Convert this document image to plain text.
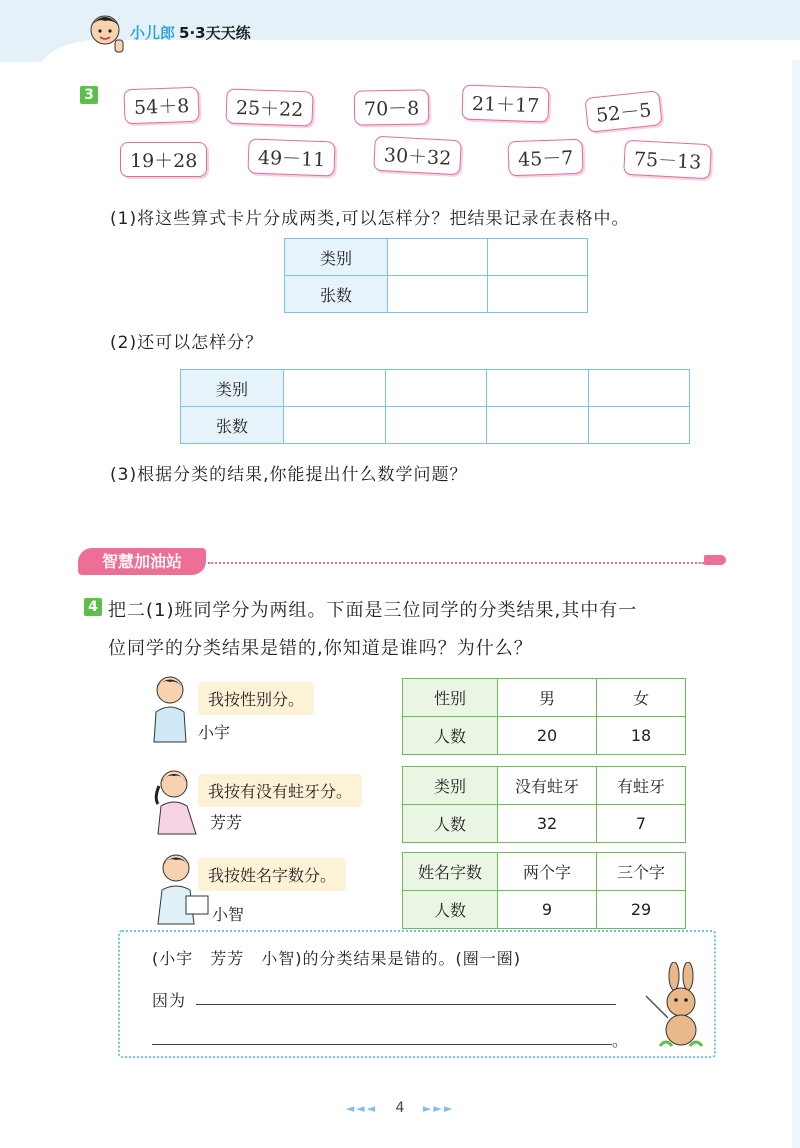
小儿郎 5·3天天练
3
54＋8	25＋22	70－8	21＋17	52－5
19＋28	49－11	30＋32	45－7	75－13
(1)将这些算式卡片分成两类,可以怎样分？把结果记录在表格中。
类别		
张数		
(2)还可以怎样分？
类别				
张数				
(3)根据分类的结果,你能提出什么数学问题？
智慧加油站
4 把二(1)班同学分为两组。下面是三位同学的分类结果,其中有一
位同学的分类结果是错的,你知道是谁吗？为什么？
我按性别分。
小宇
性别	男	女
人数	20	18
我按有没有蛀牙分。
芳芳
类别	没有蛀牙	有蛀牙
人数	32	7
我按姓名字数分。
小智
姓名字数	两个字	三个字
人数	9	29
(小宇　芳芳　小智)的分类结果是错的。(圈一圈)
因为
。
◄◄◄ 4 ►►►
